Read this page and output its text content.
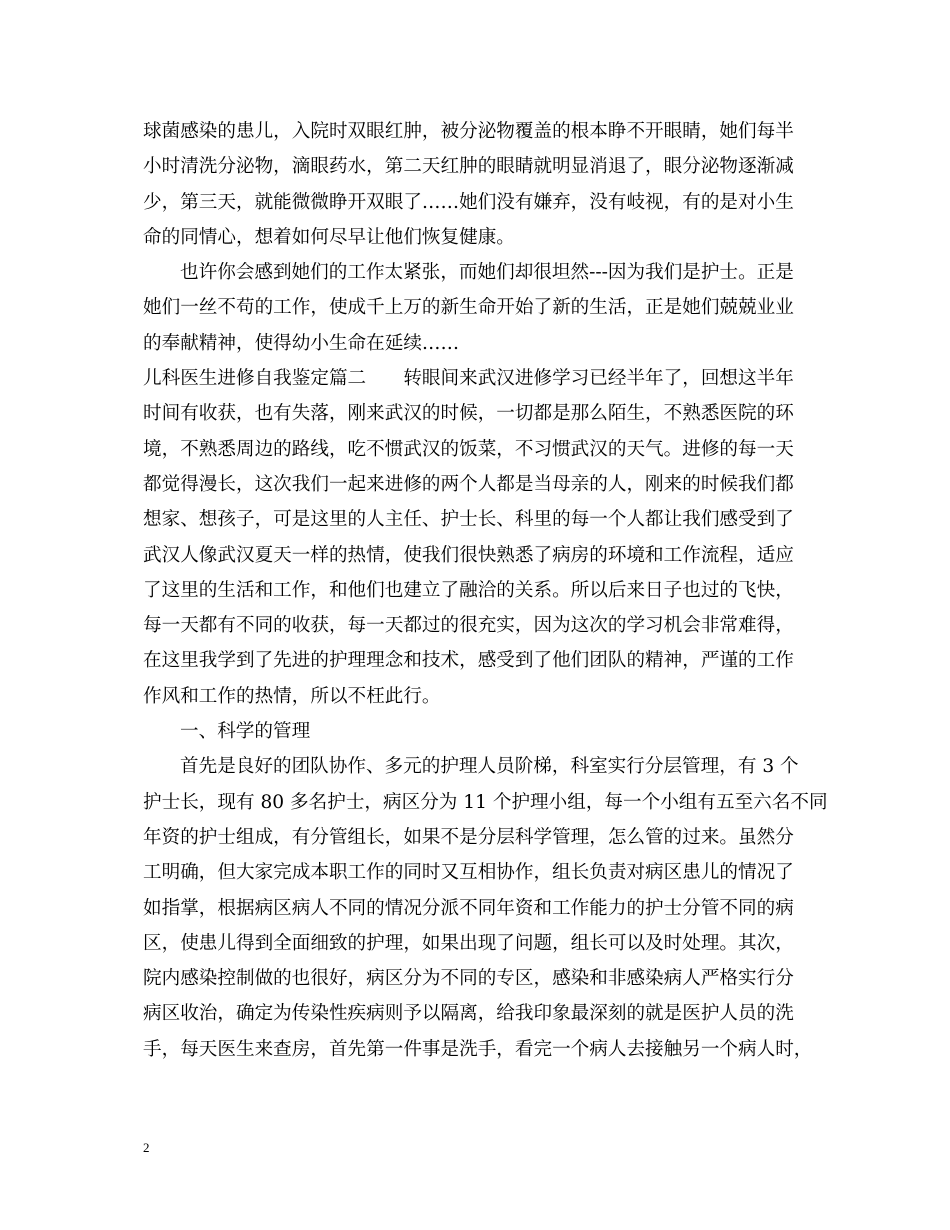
球菌感染的患儿，入院时双眼红肿，被分泌物覆盖的根本睁不开眼睛，她们每半
小时清洗分泌物，滴眼药水，第二天红肿的眼睛就明显消退了，眼分泌物逐渐减
少，第三天，就能微微睁开双眼了……她们没有嫌弃，没有岐视，有的是对小生
命的同情心，想着如何尽早让他们恢复健康。

也许你会感到她们的工作太紧张，而她们却很坦然---因为我们是护士。正是
她们一丝不苟的工作，使成千上万的新生命开始了新的生活，正是她们兢兢业业
的奉献精神，使得幼小生命在延续……

儿科医生进修自我鉴定篇二　　转眼间来武汉进修学习已经半年了，回想这半年
时间有收获，也有失落，刚来武汉的时候，一切都是那么陌生，不熟悉医院的环
境，不熟悉周边的路线，吃不惯武汉的饭菜，不习惯武汉的天气。进修的每一天
都觉得漫长，这次我们一起来进修的两个人都是当母亲的人，刚来的时候我们都
想家、想孩子，可是这里的人主任、护士长、科里的每一个人都让我们感受到了
武汉人像武汉夏天一样的热情，使我们很快熟悉了病房的环境和工作流程，适应
了这里的生活和工作，和他们也建立了融洽的关系。所以后来日子也过的飞快，
每一天都有不同的收获，每一天都过的很充实，因为这次的学习机会非常难得，
在这里我学到了先进的护理理念和技术，感受到了他们团队的精神，严谨的工作
作风和工作的热情，所以不枉此行。

一、科学的管理

首先是良好的团队协作、多元的护理人员阶梯，科室实行分层管理，有 3 个
护士长，现有 80 多名护士，病区分为 11 个护理小组，每一个小组有五至六名不同
年资的护士组成，有分管组长，如果不是分层科学管理，怎么管的过来。虽然分
工明确，但大家完成本职工作的同时又互相协作，组长负责对病区患儿的情况了
如指掌，根据病区病人不同的情况分派不同年资和工作能力的护士分管不同的病
区，使患儿得到全面细致的护理，如果出现了问题，组长可以及时处理。其次，
院内感染控制做的也很好，病区分为不同的专区，感染和非感染病人严格实行分
病区收治，确定为传染性疾病则予以隔离，给我印象最深刻的就是医护人员的洗
手，每天医生来查房，首先第一件事是洗手，看完一个病人去接触另一个病人时，

2
